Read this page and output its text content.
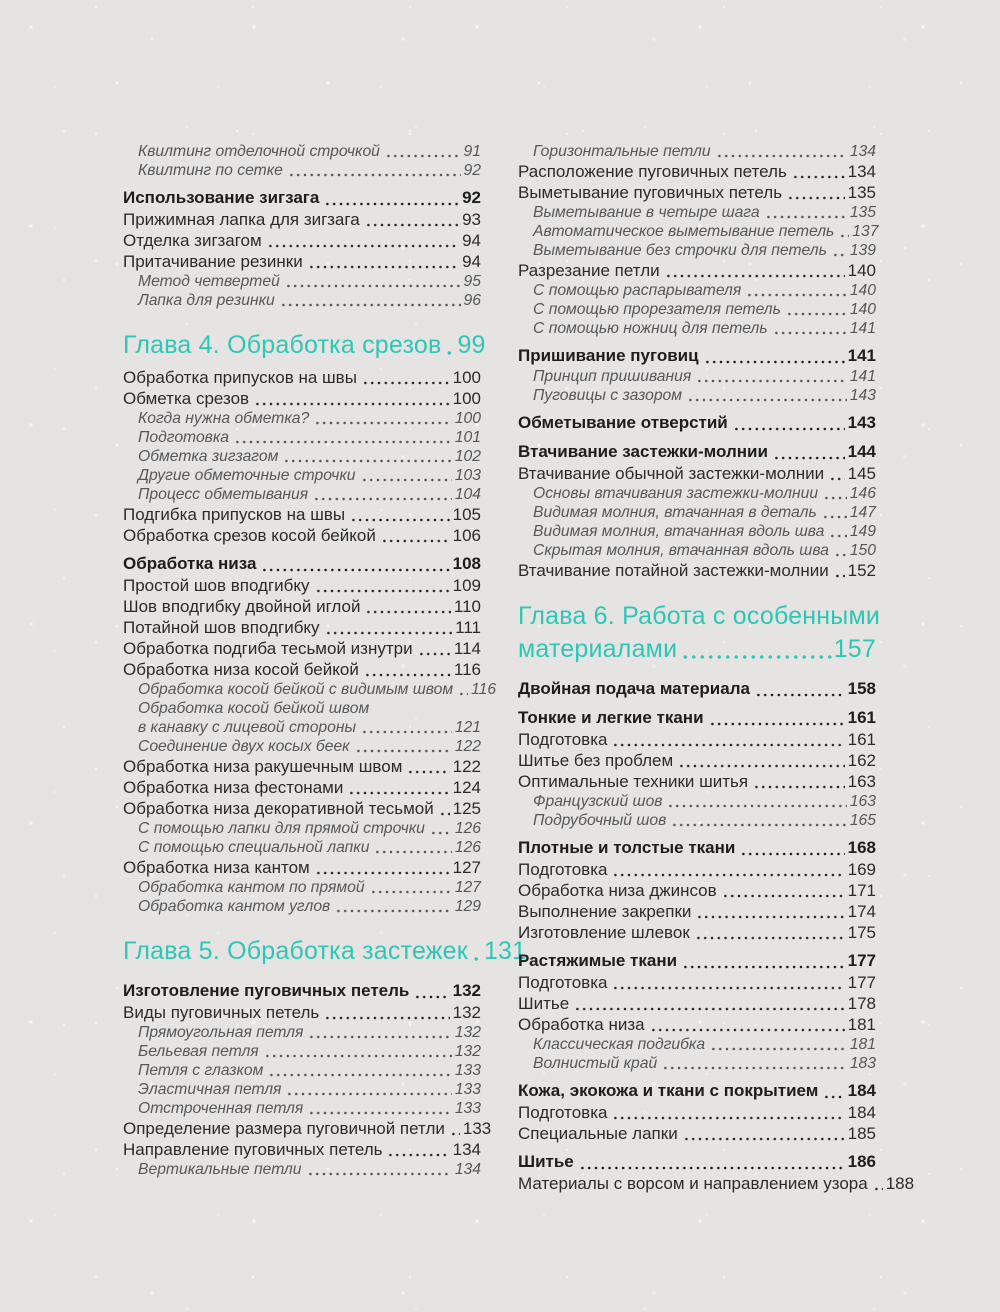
Квилтинг отделочной строчкой	91
Квилтинг по сетке	92
Использование зигзага	92
Прижимная лапка для зигзага	93
Отделка зигзагом	94
Притачивание резинки	94
Метод четвертей	95
Лапка для резинки	96
Глава 4. Обработка срезов 99
Обработка припусков на швы	100
Обметка срезов	100
Когда нужна обметка?	100
Подготовка	101
Обметка зигзагом	102
Другие обметочные строчки	103
Процесс обметывания	104
Подгибка припусков на швы	105
Обработка срезов косой бейкой	106
Обработка низа	108
Простой шов вподгибку	109
Шов вподгибку двойной иглой	110
Потайной шов вподгибку	111
Обработка подгиба тесьмой изнутри 114
Обработка низа косой бейкой	116
Обработка косой бейкой с видимым швом 116
Обработка косой бейкой швом
в канавку с лицевой стороны	121
Соединение двух косых беек	122
Обработка низа ракушечным швом	122
Обработка низа фестонами	124
Обработка низа декоративной тесьмой 125
С помощью лапки для прямой строчки 126
С помощью специальной лапки	126
Обработка низа кантом	127
Обработка кантом по прямой	127
Обработка кантом углов	129
Глава 5. Обработка застежек 131
Изготовление пуговичных петель	132
Виды пуговичных петель	132
Прямоугольная петля	132
Бельевая петля	132
Петля с глазком	133
Эластичная петля	133
Отстроченная петля	133
Определение размера пуговичной петли 133
Направление пуговичных петель	134
Вертикальные петли	134
Горизонтальные петли	134
Расположение пуговичных петель	134
Выметывание пуговичных петель	135
Выметывание в четыре шага	135
Автоматическое выметывание петель 137
Выметывание без строчки для петель 139
Разрезание петли	140
С помощью распарывателя	140
С помощью прорезателя петель	140
С помощью ножниц для петель	141
Пришивание пуговиц	141
Принцип пришивания	141
Пуговицы с зазором	143
Обметывание отверстий	143
Втачивание застежки-молнии	144
Втачивание обычной застежки-молнии 145
Основы втачивания застежки-молнии 146
Видимая молния, втачанная в деталь 147
Видимая молния, втачанная вдоль шва 149
Скрытая молния, втачанная вдоль шва 150
Втачивание потайной застежки-молнии 152
Глава 6. Работа с особенными
материалами	157
Двойная подача материала	158
Тонкие и легкие ткани	161
Подготовка	161
Шитье без проблем	162
Оптимальные техники шитья	163
Французский шов	163
Подрубочный шов	165
Плотные и толстые ткани	168
Подготовка	169
Обработка низа джинсов	171
Выполнение закрепки	174
Изготовление шлевок	175
Растяжимые ткани	177
Подготовка	177
Шитье	178
Обработка низа	181
Классическая подгибка	181
Волнистый край	183
Кожа, экокожа и ткани с покрытием 184
Подготовка	184
Специальные лапки	185
Шитье	186
Материалы с ворсом и направлением узора 188
